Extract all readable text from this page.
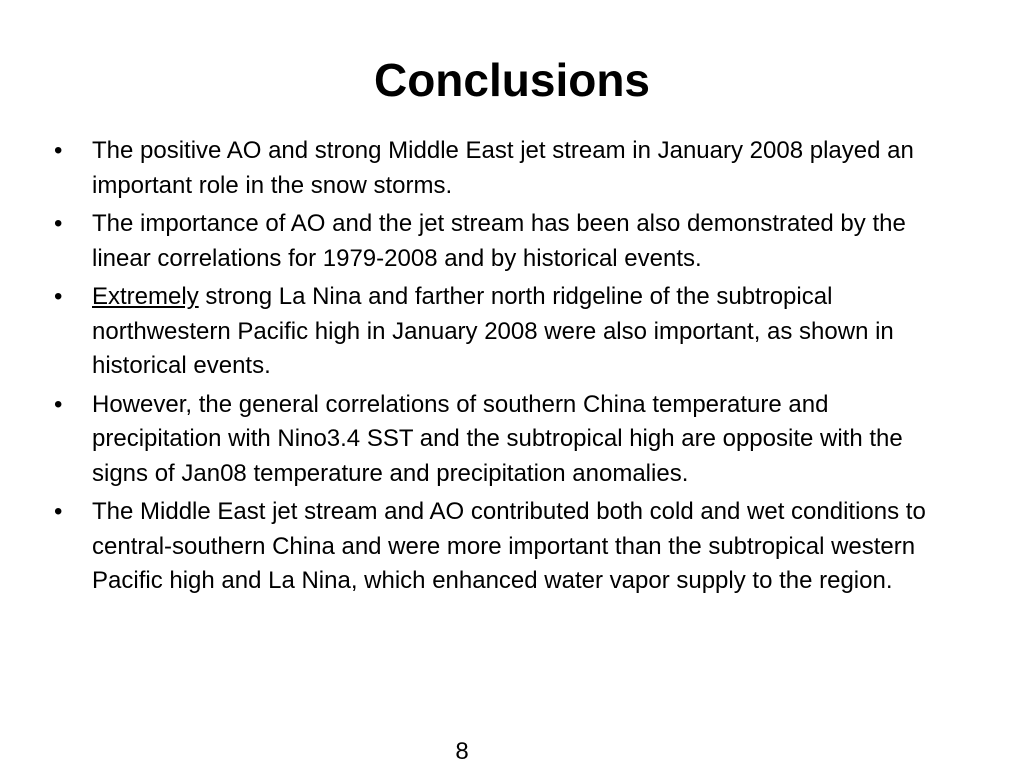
Conclusions
•	The positive AO and strong Middle East jet stream in January 2008 played an important role in the snow storms.
•	The importance of AO and the jet stream has been also demonstrated by the linear correlations for 1979-2008 and by historical events.
•	Extremely strong La Nina and farther north ridgeline of the subtropical northwestern Pacific high in January 2008 were also important, as shown in historical events.
•	However, the general correlations of southern China temperature and precipitation with Nino3.4 SST and the subtropical high are opposite with the signs of Jan08 temperature and precipitation anomalies.
•	The Middle East jet stream and AO contributed both cold and wet conditions to central-southern China and were more important than the subtropical western Pacific high and La Nina, which enhanced water vapor supply to the region.
8
